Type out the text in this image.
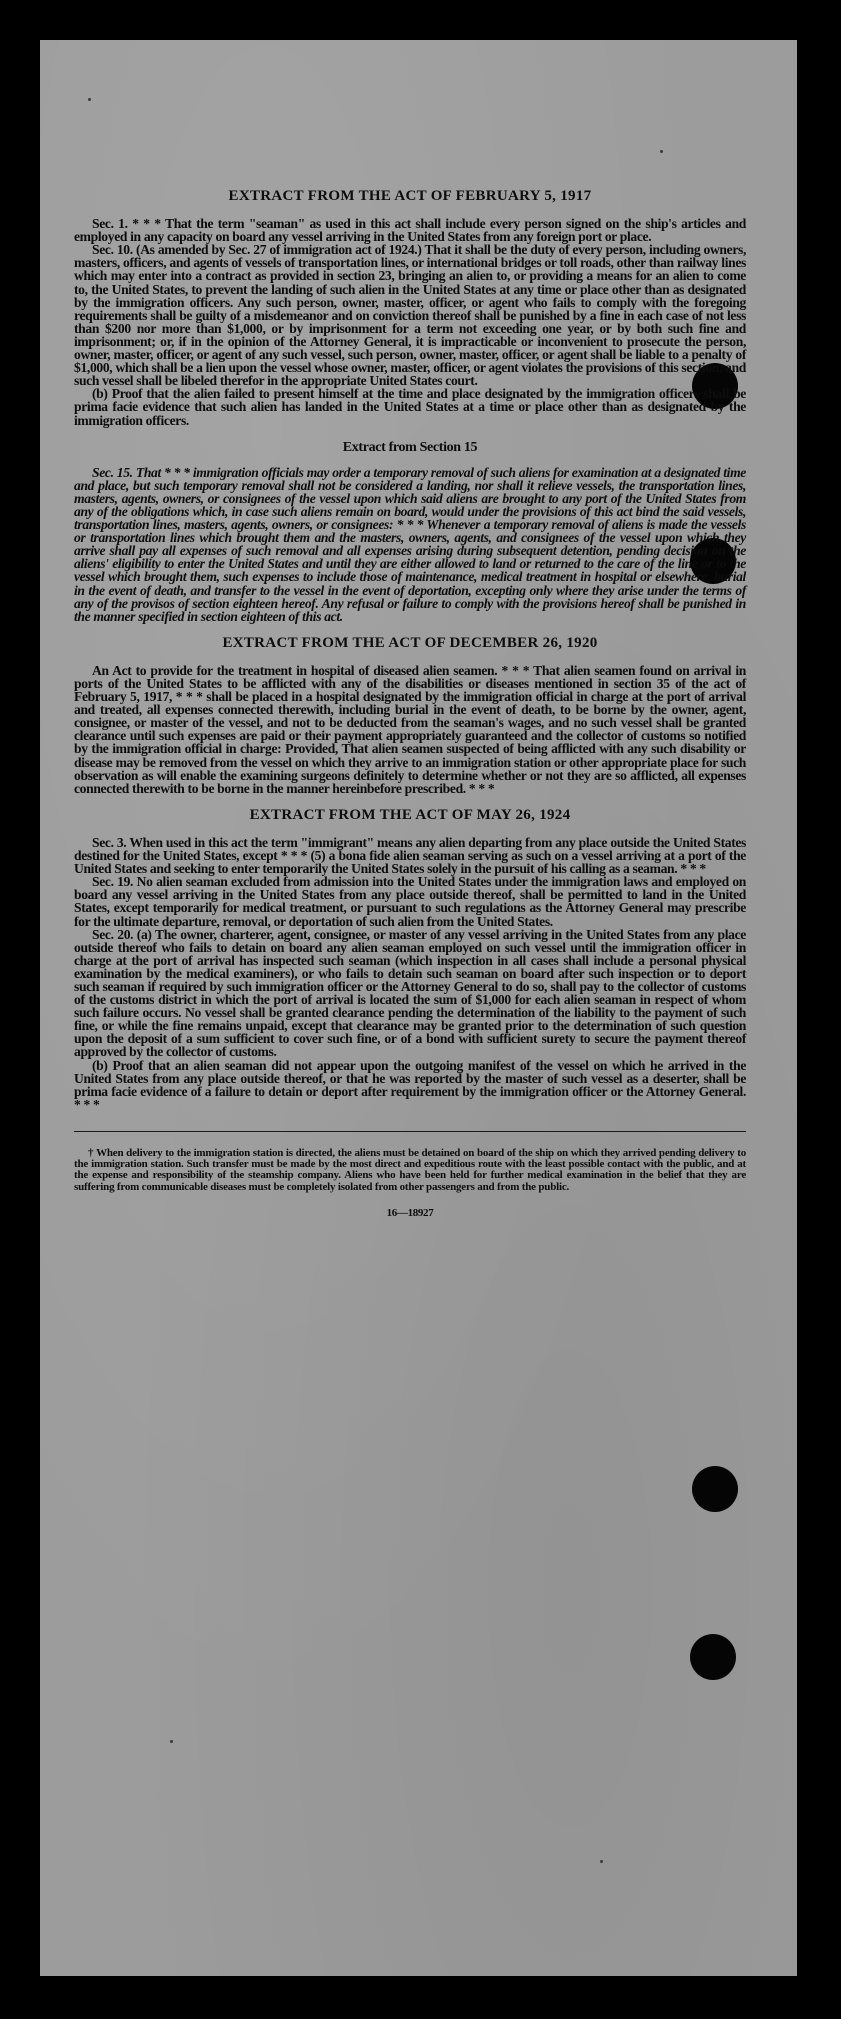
EXTRACT FROM THE ACT OF FEBRUARY 5, 1917

Sec. 1. * * * That the term "seaman" as used in this act shall include every person signed on the ship's articles and employed in any capacity on board any vessel arriving in the United States from any foreign port or place.

Sec. 10. (As amended by Sec. 27 of immigration act of 1924.) That it shall be the duty of every person, including owners, masters, officers, and agents of vessels of transportation lines, or international bridges or toll roads, other than railway lines which may enter into a contract as provided in section 23, bringing an alien to, or providing a means for an alien to come to, the United States, to prevent the landing of such alien in the United States at any time or place other than as designated by the immigration officers. Any such person, owner, master, officer, or agent who fails to comply with the foregoing requirements shall be guilty of a misdemeanor and on conviction thereof shall be punished by a fine in each case of not less than $200 nor more than $1,000, or by imprisonment for a term not exceeding one year, or by both such fine and imprisonment; or, if in the opinion of the Attorney General, it is impracticable or inconvenient to prosecute the person, owner, master, officer, or agent of any such vessel, such person, owner, master, officer, or agent shall be liable to a penalty of $1,000, which shall be a lien upon the vessel whose owner, master, officer, or agent violates the provisions of this section, and such vessel shall be libeled therefor in the appropriate United States court.

(b) Proof that the alien failed to present himself at the time and place designated by the immigration officers shall be prima facie evidence that such alien has landed in the United States at a time or place other than as designated by the immigration officers.

Extract from Section 15

Sec. 15. That * * * immigration officials may order a temporary removal of such aliens for examination at a designated time and place, but such temporary removal shall not be considered a landing, nor shall it relieve vessels, the transportation lines, masters, agents, owners, or consignees of the vessel upon which said aliens are brought to any port of the United States from any of the obligations which, in case such aliens remain on board, would under the provisions of this act bind the said vessels, transportation lines, masters, agents, owners, or consignees: * * * Whenever a temporary removal of aliens is made the vessels or transportation lines which brought them and the masters, owners, agents, and consignees of the vessel upon which they arrive shall pay all expenses of such removal and all expenses arising during subsequent detention, pending decision on the aliens' eligibility to enter the United States and until they are either allowed to land or returned to the care of the line or to the vessel which brought them, such expenses to include those of maintenance, medical treatment in hospital or elsewhere, burial in the event of death, and transfer to the vessel in the event of deportation, excepting only where they arise under the terms of any of the provisos of section eighteen hereof. Any refusal or failure to comply with the provisions hereof shall be punished in the manner specified in section eighteen of this act.

EXTRACT FROM THE ACT OF DECEMBER 26, 1920

An Act to provide for the treatment in hospital of diseased alien seamen. * * * That alien seamen found on arrival in ports of the United States to be afflicted with any of the disabilities or diseases mentioned in section 35 of the act of February 5, 1917, * * * shall be placed in a hospital designated by the immigration official in charge at the port of arrival and treated, all expenses connected therewith, including burial in the event of death, to be borne by the owner, agent, consignee, or master of the vessel, and not to be deducted from the seaman's wages, and no such vessel shall be granted clearance until such expenses are paid or their payment appropriately guaranteed and the collector of customs so notified by the immigration official in charge: Provided, That alien seamen suspected of being afflicted with any such disability or disease may be removed from the vessel on which they arrive to an immigration station or other appropriate place for such observation as will enable the examining surgeons definitely to determine whether or not they are so afflicted, all expenses connected therewith to be borne in the manner hereinbefore prescribed. * * *

EXTRACT FROM THE ACT OF MAY 26, 1924

Sec. 3. When used in this act the term "immigrant" means any alien departing from any place outside the United States destined for the United States, except * * * (5) a bona fide alien seaman serving as such on a vessel arriving at a port of the United States and seeking to enter temporarily the United States solely in the pursuit of his calling as a seaman. * * *

Sec. 19. No alien seaman excluded from admission into the United States under the immigration laws and employed on board any vessel arriving in the United States from any place outside thereof, shall be permitted to land in the United States, except temporarily for medical treatment, or pursuant to such regulations as the Attorney General may prescribe for the ultimate departure, removal, or deportation of such alien from the United States.

Sec. 20. (a) The owner, charterer, agent, consignee, or master of any vessel arriving in the United States from any place outside thereof who fails to detain on board any alien seaman employed on such vessel until the immigration officer in charge at the port of arrival has inspected such seaman (which inspection in all cases shall include a personal physical examination by the medical examiners), or who fails to detain such seaman on board after such inspection or to deport such seaman if required by such immigration officer or the Attorney General to do so, shall pay to the collector of customs of the customs district in which the port of arrival is located the sum of $1,000 for each alien seaman in respect of whom such failure occurs. No vessel shall be granted clearance pending the determination of the liability to the payment of such fine, or while the fine remains unpaid, except that clearance may be granted prior to the determination of such question upon the deposit of a sum sufficient to cover such fine, or of a bond with sufficient surety to secure the payment thereof approved by the collector of customs.

(b) Proof that an alien seaman did not appear upon the outgoing manifest of the vessel on which he arrived in the United States from any place outside thereof, or that he was reported by the master of such vessel as a deserter, shall be prima facie evidence of a failure to detain or deport after requirement by the immigration officer or the Attorney General. * * *

† When delivery to the immigration station is directed, the aliens must be detained on board of the ship on which they arrived pending delivery to the immigration station. Such transfer must be made by the most direct and expeditious route with the least possible contact with the public, and at the expense and responsibility of the steamship company. Aliens who have been held for further medical examination in the belief that they are suffering from communicable diseases must be completely isolated from other passengers and from the public.

16—18927
